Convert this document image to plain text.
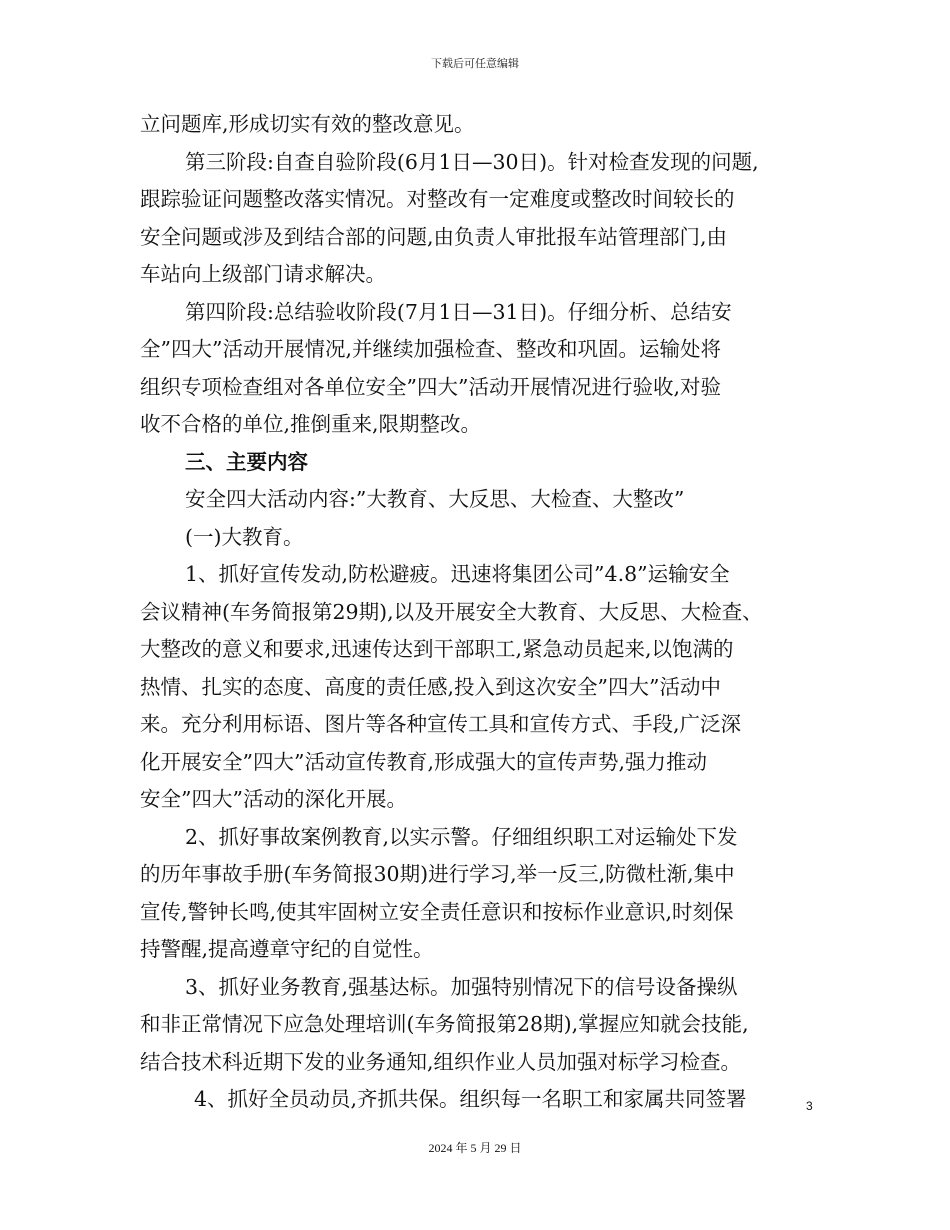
下载后可任意编辑
立问题库,形成切实有效的整改意见。
第三阶段:自查自验阶段(6月1日—30日)。针对检查发现的问题,
跟踪验证问题整改落实情况。对整改有一定难度或整改时间较长的
安全问题或涉及到结合部的问题,由负责人审批报车站管理部门,由
车站向上级部门请求解决。
第四阶段:总结验收阶段(7月1日—31日)。仔细分析、总结安
全”四大”活动开展情况,并继续加强检查、整改和巩固。运输处将
组织专项检查组对各单位安全”四大”活动开展情况进行验收,对验
收不合格的单位,推倒重来,限期整改。
三、主要内容
安全四大活动内容:”大教育、大反思、大检查、大整改”
(一)大教育。
1、抓好宣传发动,防松避疲。迅速将集团公司”4.8”运输安全
会议精神(车务简报第29期),以及开展安全大教育、大反思、大检查、
大整改的意义和要求,迅速传达到干部职工,紧急动员起来,以饱满的
热情、扎实的态度、高度的责任感,投入到这次安全”四大”活动中
来。充分利用标语、图片等各种宣传工具和宣传方式、手段,广泛深
化开展安全”四大”活动宣传教育,形成强大的宣传声势,强力推动
安全”四大”活动的深化开展。
2、抓好事故案例教育,以实示警。仔细组织职工对运输处下发
的历年事故手册(车务简报30期)进行学习,举一反三,防微杜渐,集中
宣传,警钟长鸣,使其牢固树立安全责任意识和按标作业意识,时刻保
持警醒,提高遵章守纪的自觉性。
3、抓好业务教育,强基达标。加强特别情况下的信号设备操纵
和非正常情况下应急处理培训(车务简报第28期),掌握应知就会技能,
结合技术科近期下发的业务通知,组织作业人员加强对标学习检查。
4、抓好全员动员,齐抓共保。组织每一名职工和家属共同签署	3
2024 年 5 月 29 日
